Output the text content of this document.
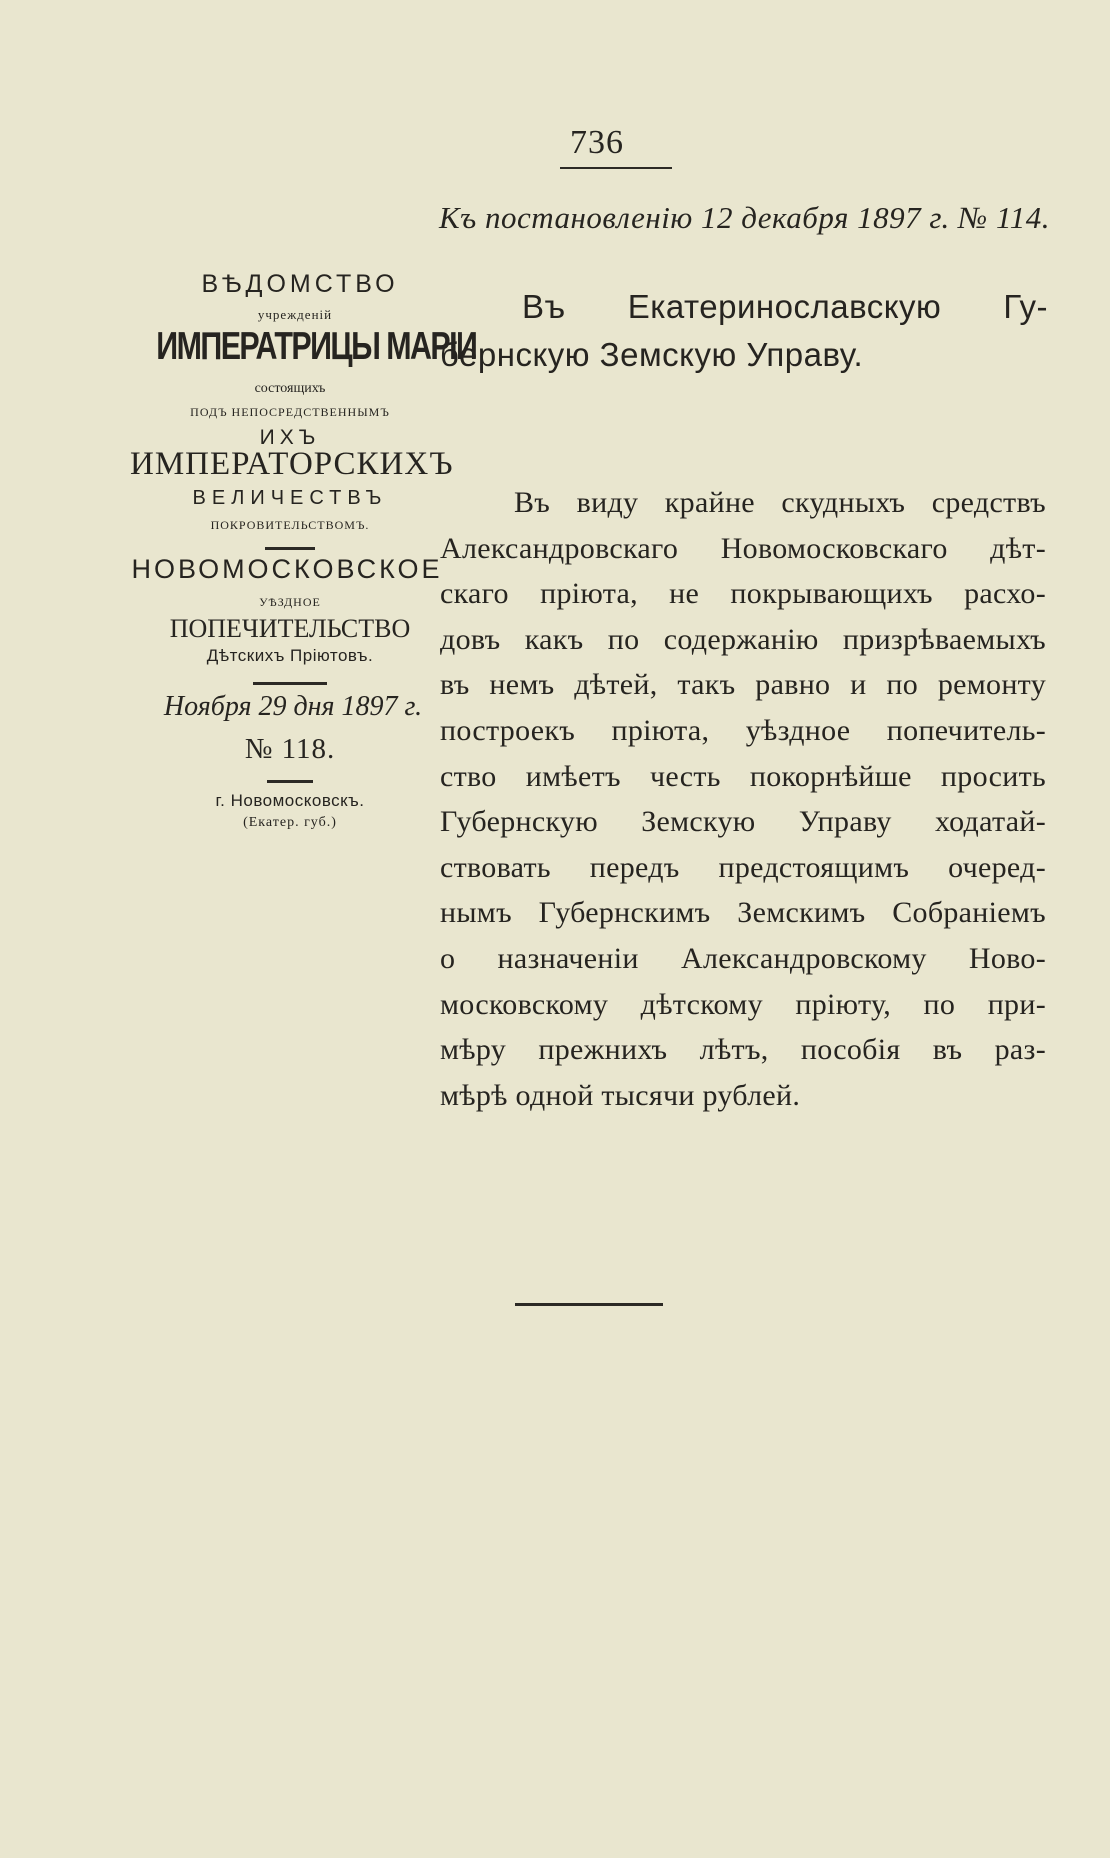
736
Къ постановленію 12 декабря 1897 г. № 114.
ВѢДОМСТВО
учрежденій
ИМПЕРАТРИЦЫ МАРІИ
состоящихъ
ПОДЪ НЕПОСРЕДСТВЕННЫМЪ
ИХЪ
ИМПЕРАТОРСКИХЪ
ВЕЛИЧЕСТВЪ
ПОКРОВИТЕЛЬСТВОМЪ.
НОВОМОСКОВСКОЕ
УѢЗДНОЕ
ПОПЕЧИТЕЛЬСТВО
Дѣтскихъ Пріютовъ.
Ноября 29 дня 1897 г.
№ 118.
г. Новомосковскъ.
(Екатер. губ.)
Въ Екатеринославскую Гу-
бернскую Земскую Управу.
Въ виду крайне скудныхъ средствъ
Александровскаго Новомосковскаго дѣт-
скаго пріюта, не покрывающихъ расхо-
довъ какъ по содержанію призрѣваемыхъ
въ немъ дѣтей, такъ равно и по ремонту
построекъ пріюта, уѣздное попечитель-
ство имѣетъ честь покорнѣйше просить
Губернскую Земскую Управу ходатай-
ствовать передъ предстоящимъ очеред-
нымъ Губернскимъ Земскимъ Собраніемъ
о назначеніи Александровскому Ново-
московскому дѣтскому пріюту, по при-
мѣру прежнихъ лѣтъ, пособія въ раз-
мѣрѣ одной тысячи рублей.
